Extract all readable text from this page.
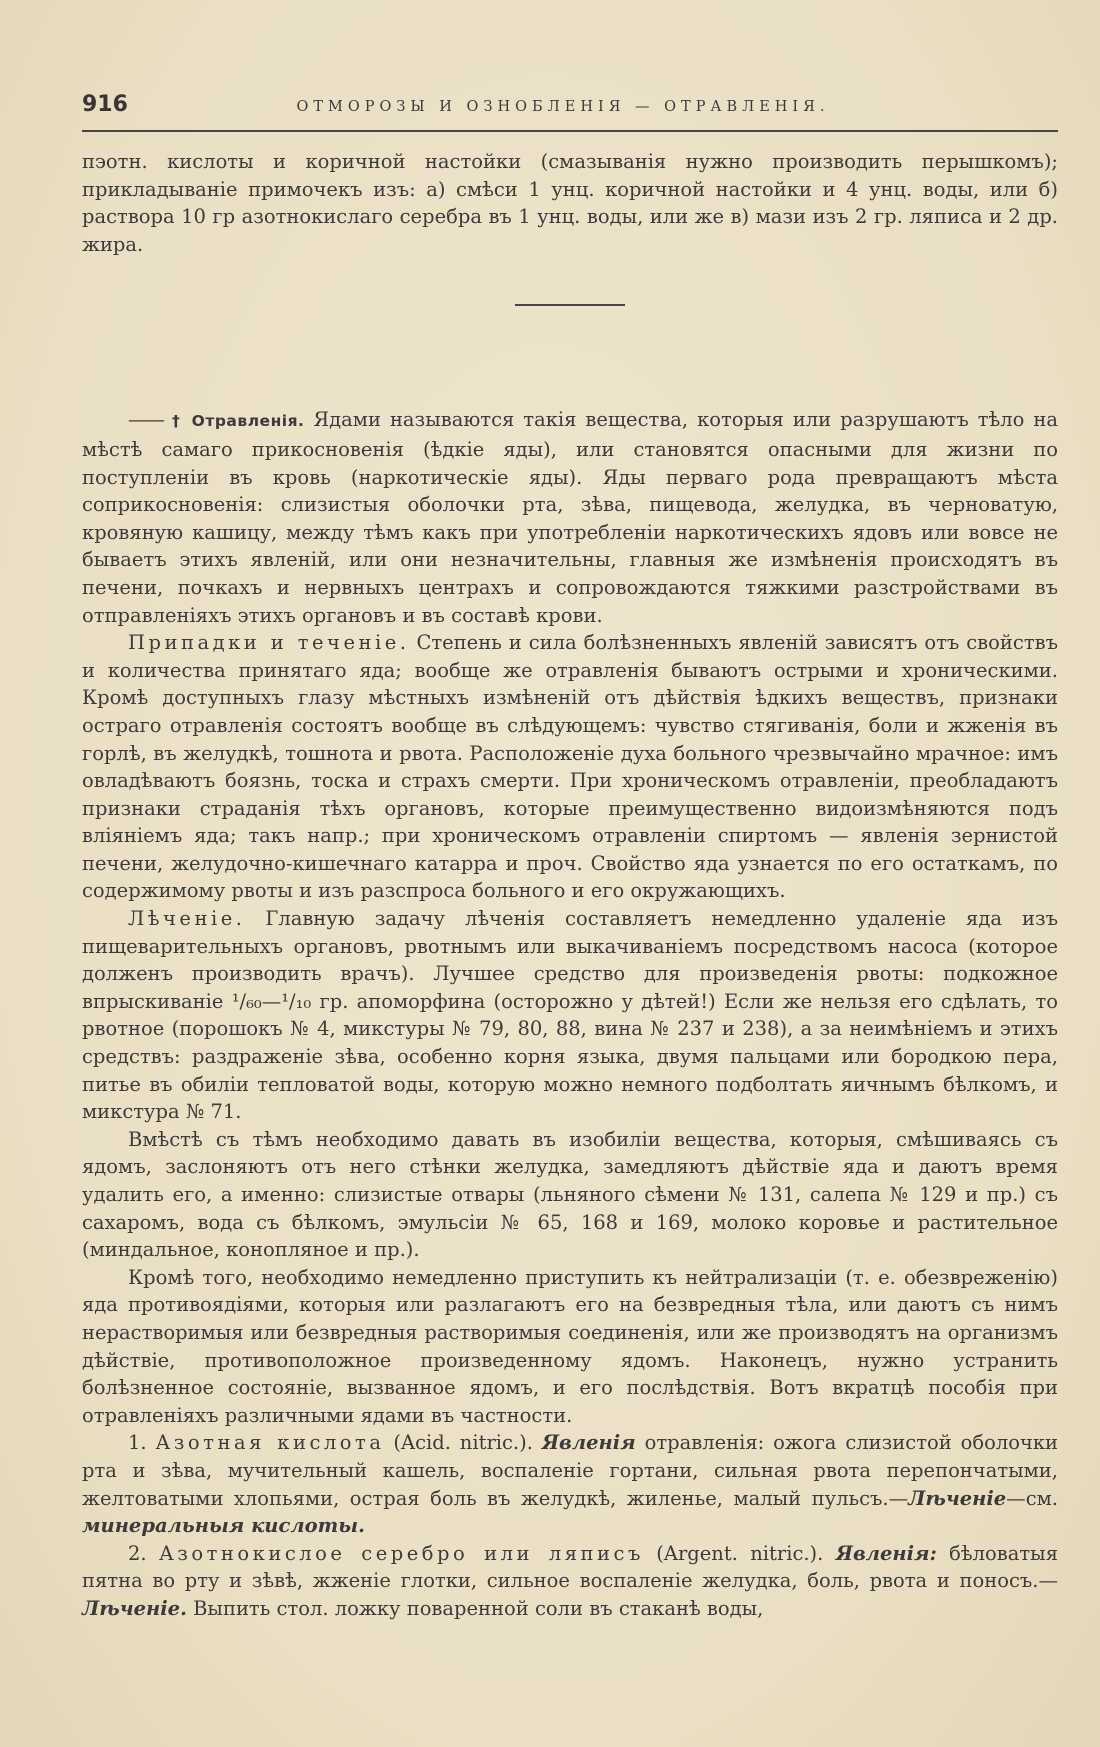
916	ОТМОРОЗЫ И ОЗНОБЛЕНIЯ — ОТРАВЛЕНIЯ.

пэотн. кислоты и коричной настойки (смазыванiя нужно производить перышкомъ); прикладыванiе примочекъ изъ: а) смѣси 1 унц. коричной настойки и 4 унц. воды, или б) раствора 10 гр азотнокислаго серебра въ 1 унц. воды, или же в) мази изъ 2 гр. ляписа и 2 др. жира.

—— † Отравленiя. Ядами называются такiя вещества, которыя или разрушаютъ тѣло на мѣстѣ самаго прикосновенiя (ѣдкiе яды), или становятся опасными для жизни по поступленiи въ кровь (наркотическiе яды). Яды перваго рода превращаютъ мѣста соприкосновенiя: слизистыя оболочки рта, зѣва, пищевода, желудка, въ черноватую, кровяную кашицу, между тѣмъ какъ при употребленiи наркотическихъ ядовъ или вовсе не бываетъ этихъ явленiй, или они незначительны, главныя же измѣненiя происходятъ въ печени, почкахъ и нервныхъ центрахъ и сопровождаются тяжкими разстройствами въ отправленiяхъ этихъ органовъ и въ составѣ крови.

Припадки и теченiе. Степень и сила болѣзненныхъ явленiй зависятъ отъ свойствъ и количества принятаго яда; вообще же отравленiя бываютъ острыми и хроническими. Кромѣ доступныхъ глазу мѣстныхъ измѣненiй отъ дѣйствiя ѣдкихъ веществъ, признаки остраго отравленiя состоятъ вообще въ слѣдующемъ: чувство стягиванiя, боли и жженiя въ горлѣ, въ желудкѣ, тошнота и рвота. Расположенiе духа больного чрезвычайно мрачное: имъ овладѣваютъ боязнь, тоска и страхъ смерти. При хроническомъ отравленiи, преобладаютъ признаки страданiя тѣхъ органовъ, которые преимущественно видоизмѣняются подъ влiянiемъ яда; такъ напр.; при хроническомъ отравленiи спиртомъ — явленiя зернистой печени, желудочно-кишечнаго катарра и проч. Свойство яда узнается по его остаткамъ, по содержимому рвоты и изъ разспроса больного и его окружающихъ.

Лѣченiе. Главную задачу лѣченiя составляетъ немедленно удаленiе яда изъ пищеварительныхъ органовъ, рвотнымъ или выкачиванiемъ посредствомъ насоса (которое долженъ производить врачъ). Лучшее средство для произведенiя рвоты: подкожное впрыскиванiе ¹/₆₀—¹/₁₀ гр. апоморфина (осторожно у дѣтей!) Если же нельзя его сдѣлать, то рвотное (порошокъ № 4, микстуры № 79, 80, 88, вина № 237 и 238), а за неимѣнiемъ и этихъ средствъ: раздраженiе зѣва, особенно корня языка, двумя пальцами или бородкою пера, питье въ обилiи тепловатой воды, которую можно немного подболтать яичнымъ бѣлкомъ, и микстура № 71.

Вмѣстѣ съ тѣмъ необходимо давать въ изобилiи вещества, которыя, смѣшиваясь съ ядомъ, заслоняютъ отъ него стѣнки желудка, замедляютъ дѣйствiе яда и даютъ время удалить его, а именно: слизистые отвары (льняного сѣмени № 131, салепа № 129 и пр.) съ сахаромъ, вода съ бѣлкомъ, эмульсiи № 65, 168 и 169, молоко коровье и растительное (миндальное, конопляное и пр.).

Кромѣ того, необходимо немедленно приступить къ нейтрализацiи (т. е. обезвреженiю) яда противоядiями, которыя или разлагаютъ его на безвредныя тѣла, или даютъ съ нимъ нерастворимыя или безвредныя растворимыя соединенiя, или же производятъ на организмъ дѣйствiе, противоположное произведенному ядомъ. Наконецъ, нужно устранить болѣзненное состоянiе, вызванное ядомъ, и его послѣдствiя. Вотъ вкратцѣ пособiя при отравленiяхъ различными ядами въ частности.

1. Азотная кислота (Acid. nitric.). Явленiя отравленiя: ожога слизистой оболочки рта и зѣва, мучительный кашель, воспаленiе гортани, сильная рвота перепончатыми, желтоватыми хлопьями, острая боль въ желудкѣ, жиленье, малый пульсъ.—Лѣченiе—см. минеральныя кислоты.

2. Азотнокислое серебро или ляписъ (Argent. nitric.). Явленiя: бѣловатыя пятна во рту и зѣвѣ, жженiе глотки, сильное воспаленiе желудка, боль, рвота и поносъ.—Лѣченiе. Выпить стол. ложку поваренной соли въ стаканѣ воды,
